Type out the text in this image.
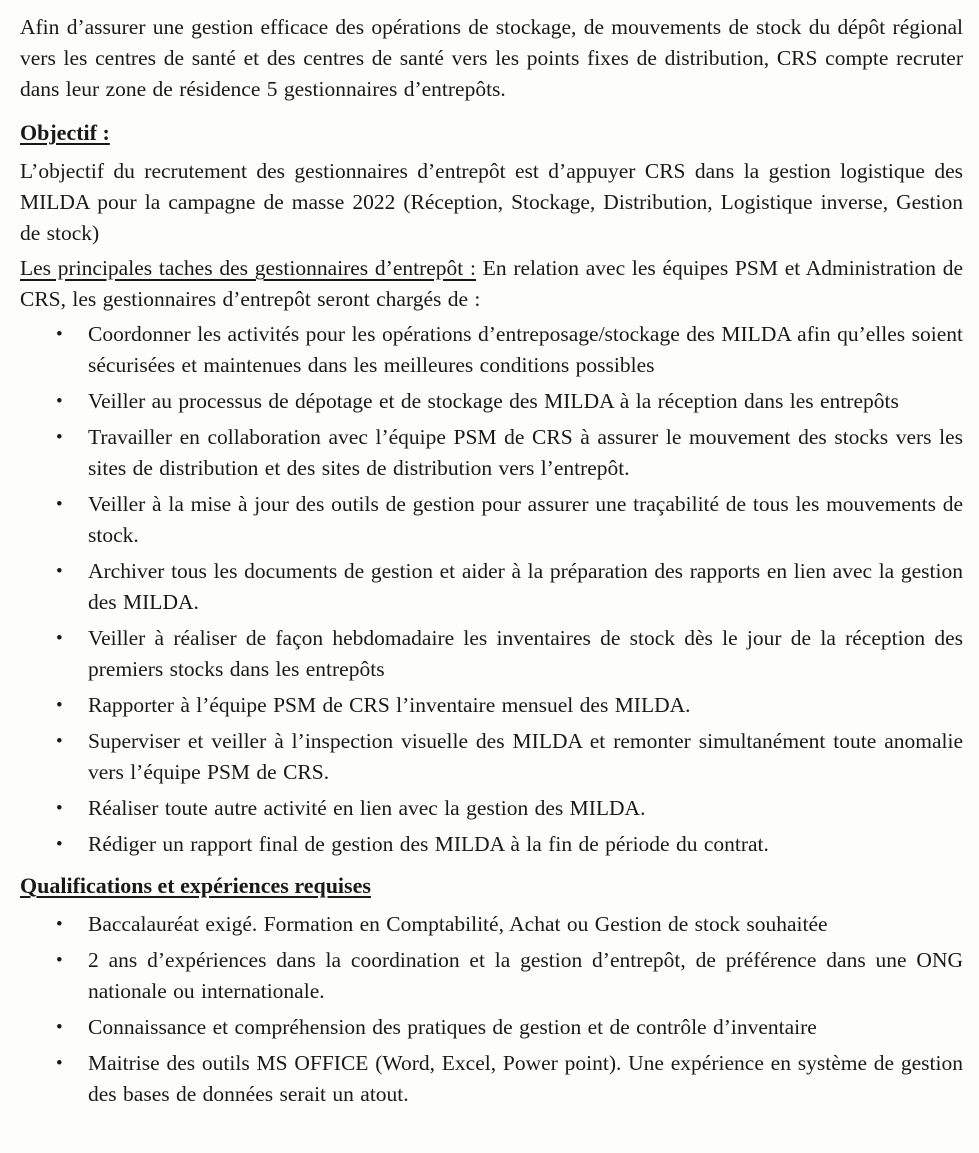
Afin d’assurer une gestion efficace des opérations de stockage, de mouvements de stock du dépôt régional vers les centres de santé et des centres de santé vers les points fixes de distribution, CRS compte recruter dans leur zone de résidence 5 gestionnaires d’entrepôts.

Objectif :

L’objectif du recrutement des gestionnaires d’entrepôt est d’appuyer CRS dans la gestion logistique des MILDA pour la campagne de masse 2022 (Réception, Stockage, Distribution, Logistique inverse, Gestion de stock)

Les principales taches des gestionnaires d’entrepôt : En relation avec les équipes PSM et Administration de CRS, les gestionnaires d’entrepôt seront chargés de :

•	Coordonner les activités pour les opérations d’entreposage/stockage des MILDA afin qu’elles soient sécurisées et maintenues dans les meilleures conditions possibles
•	Veiller au processus de dépotage et de stockage des MILDA à la réception dans les entrepôts
•	Travailler en collaboration avec l’équipe PSM de CRS à assurer le mouvement des stocks vers les sites de distribution et des sites de distribution vers l’entrepôt.
•	Veiller à la mise à jour des outils de gestion pour assurer une traçabilité de tous les mouvements de stock.
•	Archiver tous les documents de gestion et aider à la préparation des rapports en lien avec la gestion des MILDA.
•	Veiller à réaliser de façon hebdomadaire les inventaires de stock dès le jour de la réception des premiers stocks dans les entrepôts
•	Rapporter à l’équipe PSM de CRS l’inventaire mensuel des MILDA.
•	Superviser et veiller à l’inspection visuelle des MILDA et remonter simultanément toute anomalie vers l’équipe PSM de CRS.
•	Réaliser toute autre activité en lien avec la gestion des MILDA.
•	Rédiger un rapport final de gestion des MILDA à la fin de période du contrat.
Qualifications et expériences requises
•	Baccalauréat exigé. Formation en Comptabilité, Achat ou Gestion de stock souhaitée
•	2 ans d’expériences dans la coordination et la gestion d’entrepôt, de préférence dans une ONG nationale ou internationale.
•	Connaissance et compréhension des pratiques de gestion et de contrôle d’inventaire
•	Maitrise des outils MS OFFICE (Word, Excel, Power point). Une expérience en système de gestion des bases de données serait un atout.
